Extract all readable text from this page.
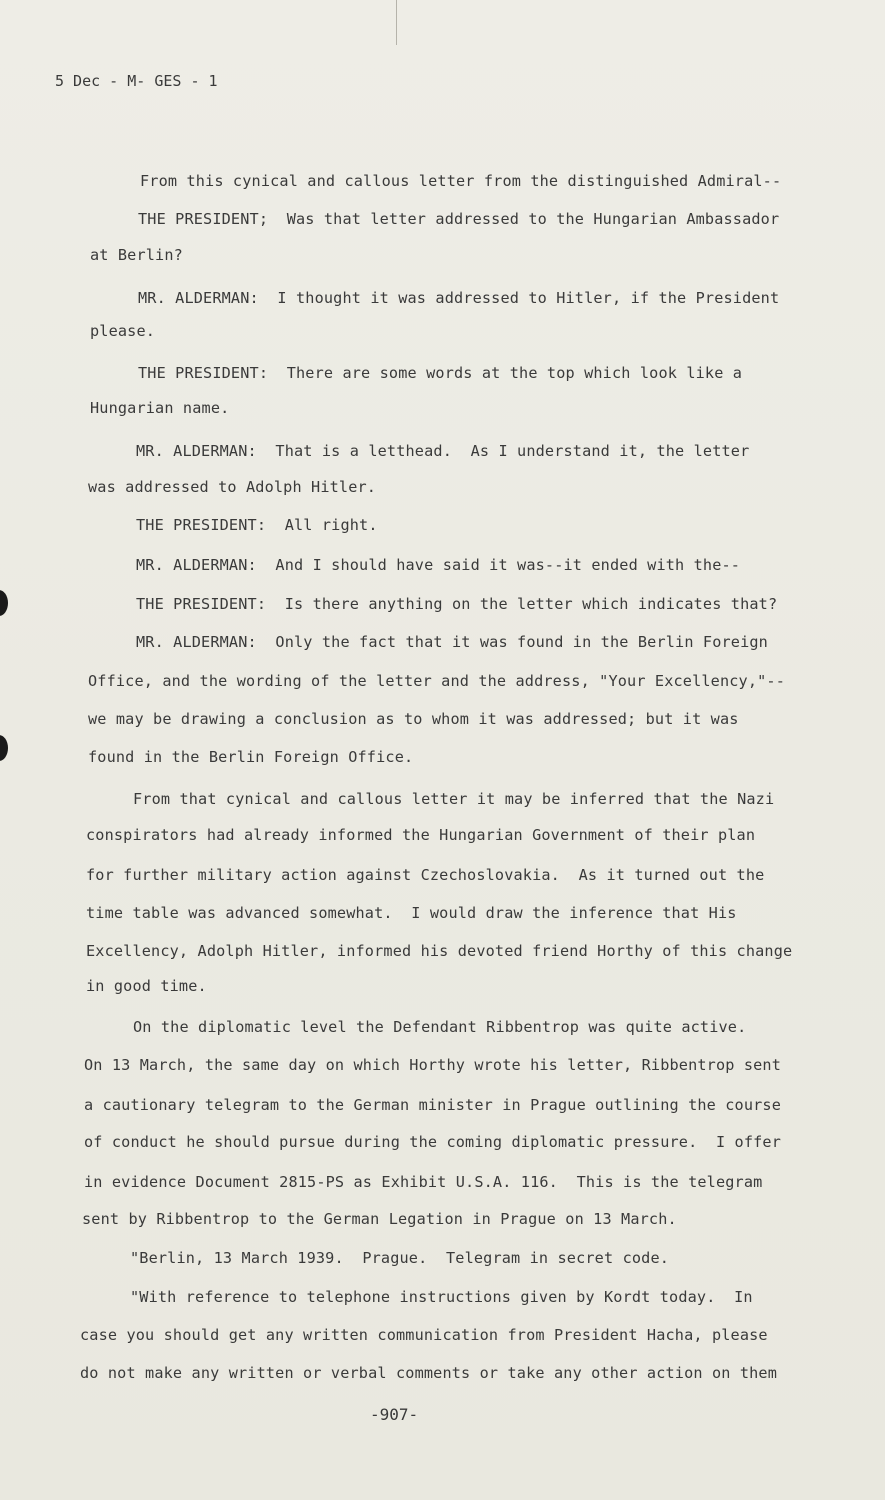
5 Dec - M- GES - 1
From this cynical and callous letter from the distinguished Admiral--
THE PRESIDENT;  Was that letter addressed to the Hungarian Ambassador
at Berlin?
MR. ALDERMAN:  I thought it was addressed to Hitler, if the President
please.
THE PRESIDENT:  There are some words at the top which look like a
Hungarian name.
MR. ALDERMAN:  That is a letthead.  As I understand it, the letter
was addressed to Adolph Hitler.
THE PRESIDENT:  All right.
MR. ALDERMAN:  And I should have said it was--it ended with the--
THE PRESIDENT:  Is there anything on the letter which indicates that?
MR. ALDERMAN:  Only the fact that it was found in the Berlin Foreign
Office, and the wording of the letter and the address, "Your Excellency,"--
we may be drawing a conclusion as to whom it was addressed; but it was
found in the Berlin Foreign Office.
From that cynical and callous letter it may be inferred that the Nazi
conspirators had already informed the Hungarian Government of their plan
for further military action against Czechoslovakia.  As it turned out the
time table was advanced somewhat.  I would draw the inference that His
Excellency, Adolph Hitler, informed his devoted friend Horthy of this change
in good time.
On the diplomatic level the Defendant Ribbentrop was quite active.
On 13 March, the same day on which Horthy wrote his letter, Ribbentrop sent
a cautionary telegram to the German minister in Prague outlining the course
of conduct he should pursue during the coming diplomatic pressure.  I offer
in evidence Document 2815-PS as Exhibit U.S.A. 116.  This is the telegram
sent by Ribbentrop to the German Legation in Prague on 13 March.
"Berlin, 13 March 1939.  Prague.  Telegram in secret code.
"With reference to telephone instructions given by Kordt today.  In
case you should get any written communication from President Hacha, please
do not make any written or verbal comments or take any other action on them
-907-
